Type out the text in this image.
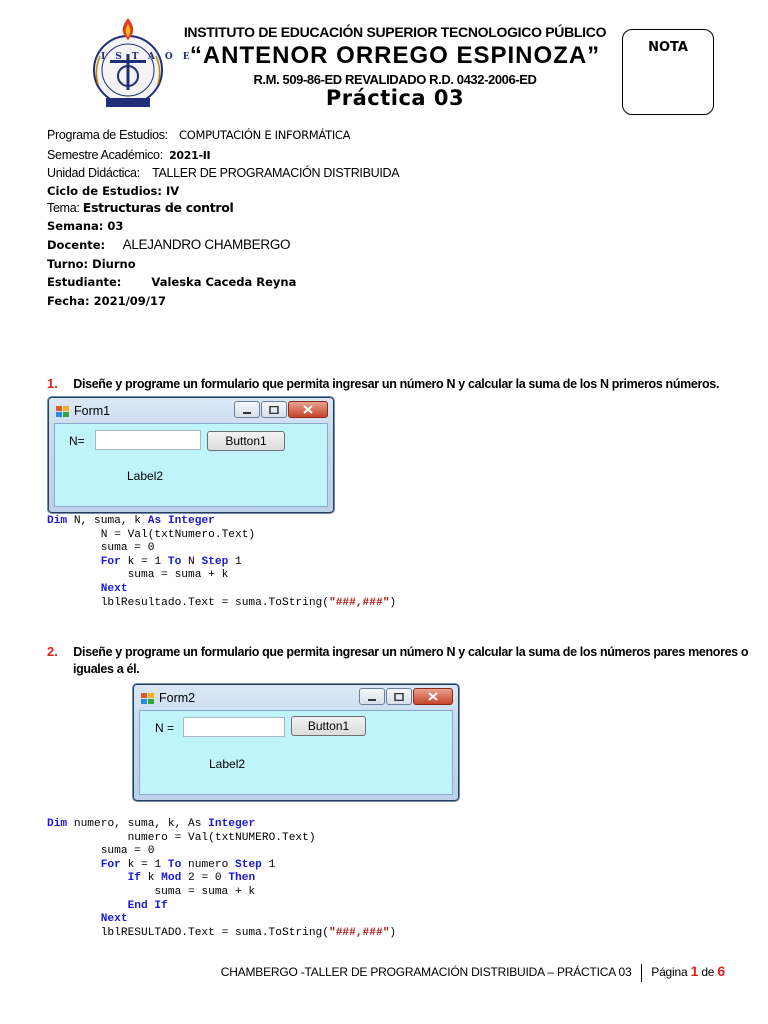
ISTAOE
INSTITUTO DE EDUCACIÓN SUPERIOR TECNOLOGICO PÚBLICO
“ANTENOR ORREGO ESPINOZA”
R.M. 509-86-ED REVALIDADO R.D. 0432-2006-ED
Práctica 03
NOTA
Programa de Estudios: COMPUTACIÓN E INFORMÁTICA
Semestre Académico: 2021-II
Unidad Didáctica: TALLER DE PROGRAMACIÓN DISTRIBUIDA
Ciclo de Estudios: IV
Tema: Estructuras de control
Semana: 03
Docente: ALEJANDRO CHAMBERGO
Turno: Diurno
Estudiante:	Valeska Caceda Reyna
Fecha: 2021/09/17
1. Diseñe y programe un formulario que permita ingresar un número N y calcular la suma de los N primeros números.
Form1
N=	Button1
Label2
Dim N, suma, k As Integer
N = Val(txtNumero.Text)
suma = 0
For k = 1 To N Step 1
suma = suma + k
Next
lblResultado.Text = suma.ToString("###,###")
2. Diseñe y programe un formulario que permita ingresar un número N y calcular la suma de los números pares menores o
iguales a él.
Form2
N =	Button1
Label2
Dim numero, suma, k, As Integer
numero = Val(txtNUMERO.Text)
suma = 0
For k = 1 To numero Step 1
If k Mod 2 = 0 Then
suma = suma + k
End If
Next
lblRESULTADO.Text = suma.ToString("###,###")
CHAMBERGO -TALLER DE PROGRAMACIÓN DISTRIBUIDA – PRÁCTICA 03 Página 1 de 6
